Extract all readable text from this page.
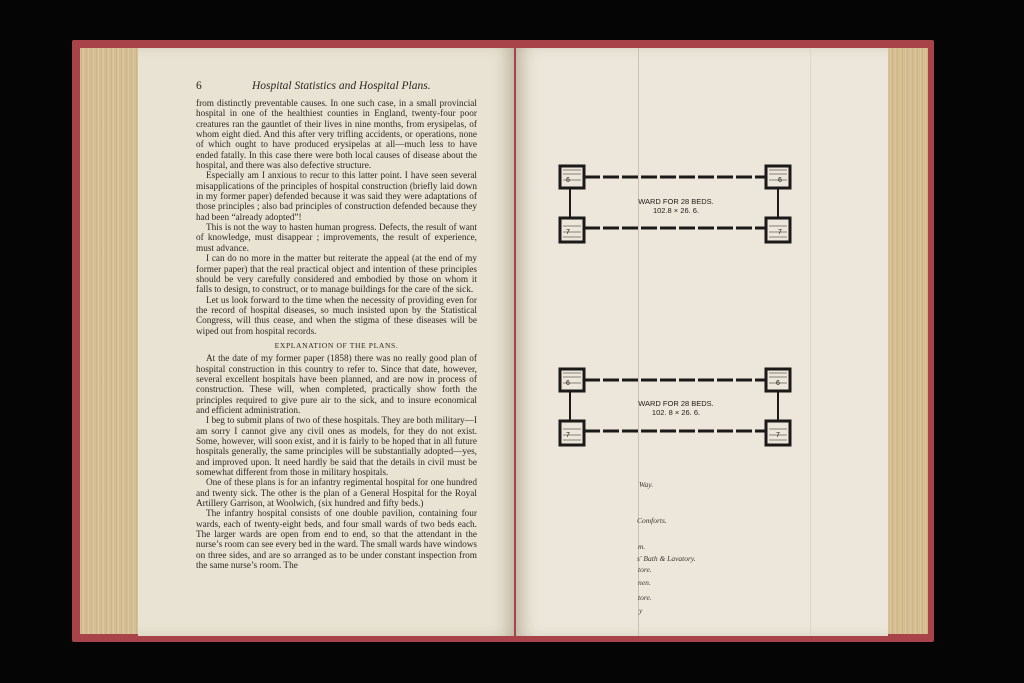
6	Hospital Statistics and Hospital Plans.

from distinctly preventable causes. In one such case, in a small provincial hospital in one of the healthiest counties in England, twenty-four poor creatures ran the gauntlet of their lives in nine months, from erysipelas, of whom eight died. And this after very trifling accidents, or operations, none of which ought to have produced erysipelas at all—much less to have ended fatally. In this case there were both local causes of disease about the hospital, and there was also defective structure.

Especially am I anxious to recur to this latter point. I have seen several misapplications of the principles of hospital construction (briefly laid down in my former paper) defended because it was said they were adaptations of those principles ; also bad principles of construction defended because they had been “already adopted”!

This is not the way to hasten human progress. Defects, the result of want of knowledge, must disappear ; improvements, the result of experience, must advance.

I can do no more in the matter but reiterate the appeal (at the end of my former paper) that the real practical object and intention of these principles should be very carefully considered and embodied by those on whom it falls to design, to construct, or to manage buildings for the care of the sick.

Let us look forward to the time when the necessity of providing even for the record of hospital diseases, so much insisted upon by the Statistical Congress, will thus cease, and when the stigma of these diseases will be wiped out from hospital records.

EXPLANATION OF THE PLANS.

At the date of my former paper (1858) there was no really good plan of hospital construction in this country to refer to. Since that date, however, several excellent hospitals have been planned, and are now in process of construction. These will, when completed, practically show forth the principles required to give pure air to the sick, and to insure economical and efficient administration.

I beg to submit plans of two of these hospitals. They are both military—I am sorry I cannot give any civil ones as models, for they do not exist. Some, however, will soon exist, and it is fairly to be hoped that in all future hospitals generally, the same principles will be substantially adopted—yes, and improved upon. It need hardly be said that the details in civil must be somewhat different from those in military hospitals.

One of these plans is for an infantry regimental hospital for one hundred and twenty sick. The other is the plan of a General Hospital for the Royal Artillery Garrison, at Woolwich, (six hundred and fifty beds.)

The infantry hospital consists of one double pavilion, containing four wards, each of twenty-eight beds, and four small wards of two beds each. The larger wards are open from end to end, so that the attendant in the nurse’s room can see every bed in the ward. The small wards have windows on three sides, and are so arranged as to be under constant inspection from the same nurse’s room. The

6	6
7	7
WARD FOR 28 BEDS.
102.8 × 26. 6.
6	6
7	7
WARD FOR 28 BEDS.
102. 8 × 26. 6.
Way.
Comforts.
m.
s' Bath & Lavatory.
tore.
nen.
tore.
y
